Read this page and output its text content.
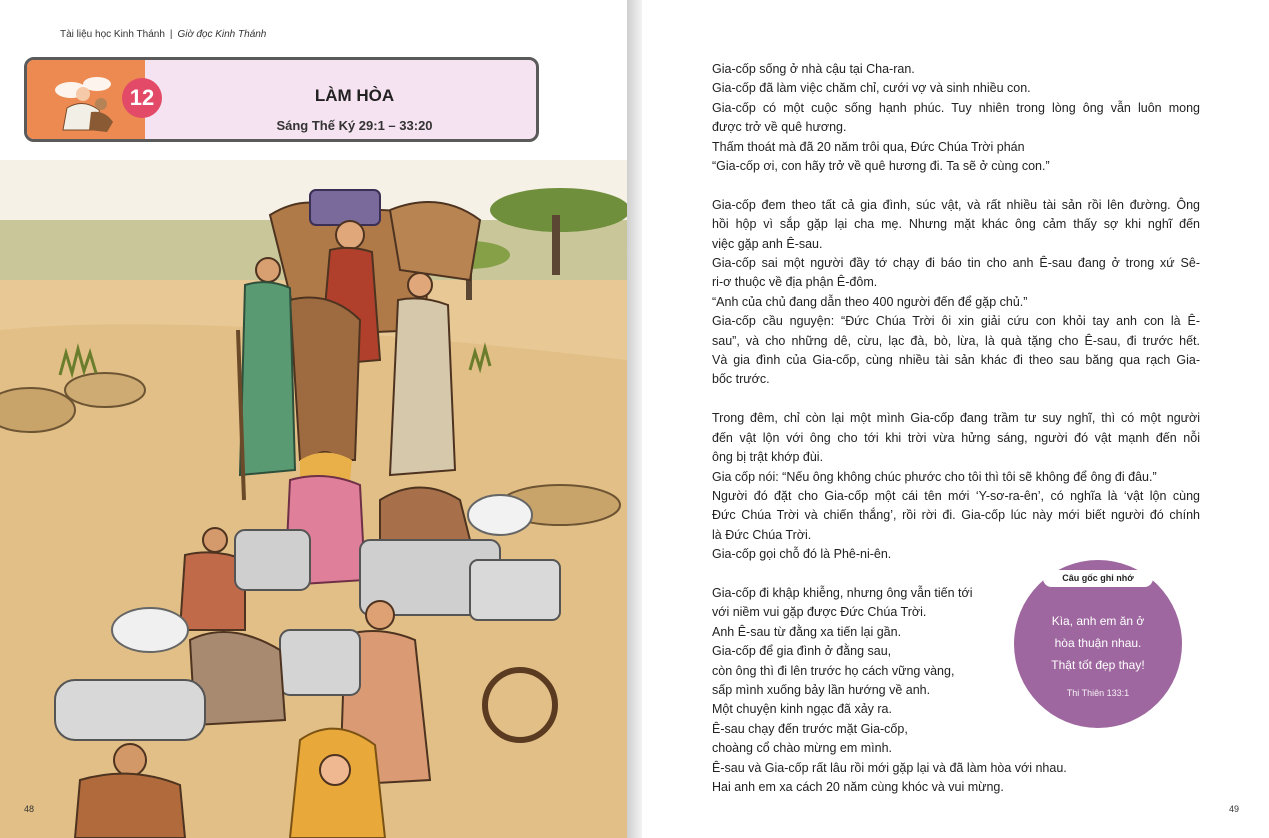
Tài liệu học Kinh Thánh | Giờ đọc Kinh Thánh
12	LÀM HÒA
Sáng Thế Ký 29:1 – 33:20
48
Gia-cốp sống ở nhà cậu tại Cha-ran.
Gia-cốp đã làm việc chăm chỉ, cưới vợ và sinh nhiều con.
Gia-cốp có một cuộc sống hạnh phúc. Tuy nhiên trong lòng ông vẫn luôn mong
được trở về quê hương.
Thấm thoát mà đã 20 năm trôi qua, Đức Chúa Trời phán
“Gia-cốp ơi, con hãy trở về quê hương đi. Ta sẽ ở cùng con.”
Gia-cốp đem theo tất cả gia đình, súc vật, và rất nhiều tài sản rồi lên đường. Ông
hồi hộp vì sắp gặp lại cha mẹ. Nhưng mặt khác ông cảm thấy sợ khi nghĩ đến
việc gặp anh Ê-sau.
Gia-cốp sai một người đầy tớ chạy đi báo tin cho anh Ê-sau đang ở trong xứ Sê-
ri-ơ thuộc về địa phận Ê-đôm.
“Anh của chủ đang dẫn theo 400 người đến để gặp chủ.”
Gia-cốp cầu nguyện: “Đức Chúa Trời ôi xin giải cứu con khỏi tay anh con là Ê-
sau”, và cho những dê, cừu, lạc đà, bò, lừa, là quà tặng cho Ê-sau, đi trước hết.
Và gia đình của Gia-cốp, cùng nhiều tài sản khác đi theo sau băng qua rạch Gia-
bốc trước.
Trong đêm, chỉ còn lại một mình Gia-cốp đang trầm tư suy nghĩ, thì có một người
đến vật lộn với ông cho tới khi trời vừa hửng sáng, người đó vật mạnh đến nỗi
ông bị trật khớp đùi.
Gia cốp nói: “Nếu ông không chúc phước cho tôi thì tôi sẽ không để ông đi đâu.”
Người đó đặt cho Gia-cốp một cái tên mới ‘Y-sơ-ra-ên’, có nghĩa là ‘vật lộn cùng
Đức Chúa Trời và chiến thắng’, rồi rời đi. Gia-cốp lúc này mới biết người đó chính
là Đức Chúa Trời.
Gia-cốp gọi chỗ đó là Phê-ni-ên.
Gia-cốp đi khập khiễng, nhưng ông vẫn tiến tới
với niềm vui gặp được Đức Chúa Trời.
Anh Ê-sau từ đằng xa tiến lại gần.
Gia-cốp để gia đình ở đằng sau,
còn ông thì đi lên trước họ cách vững vàng,
sấp mình xuống bảy lần hướng về anh.
Một chuyện kinh ngạc đã xảy ra.
Ê-sau chạy đến trước mặt Gia-cốp,
choàng cổ chào mừng em mình.
Ê-sau và Gia-cốp rất lâu rồi mới gặp lại và đã làm hòa với nhau.
Hai anh em xa cách 20 năm cùng khóc và vui mừng.
Câu gốc ghi nhớ
Kìa, anh em ăn ở
hòa thuận nhau.
Thật tốt đẹp thay!
Thi Thiên 133:1
49
